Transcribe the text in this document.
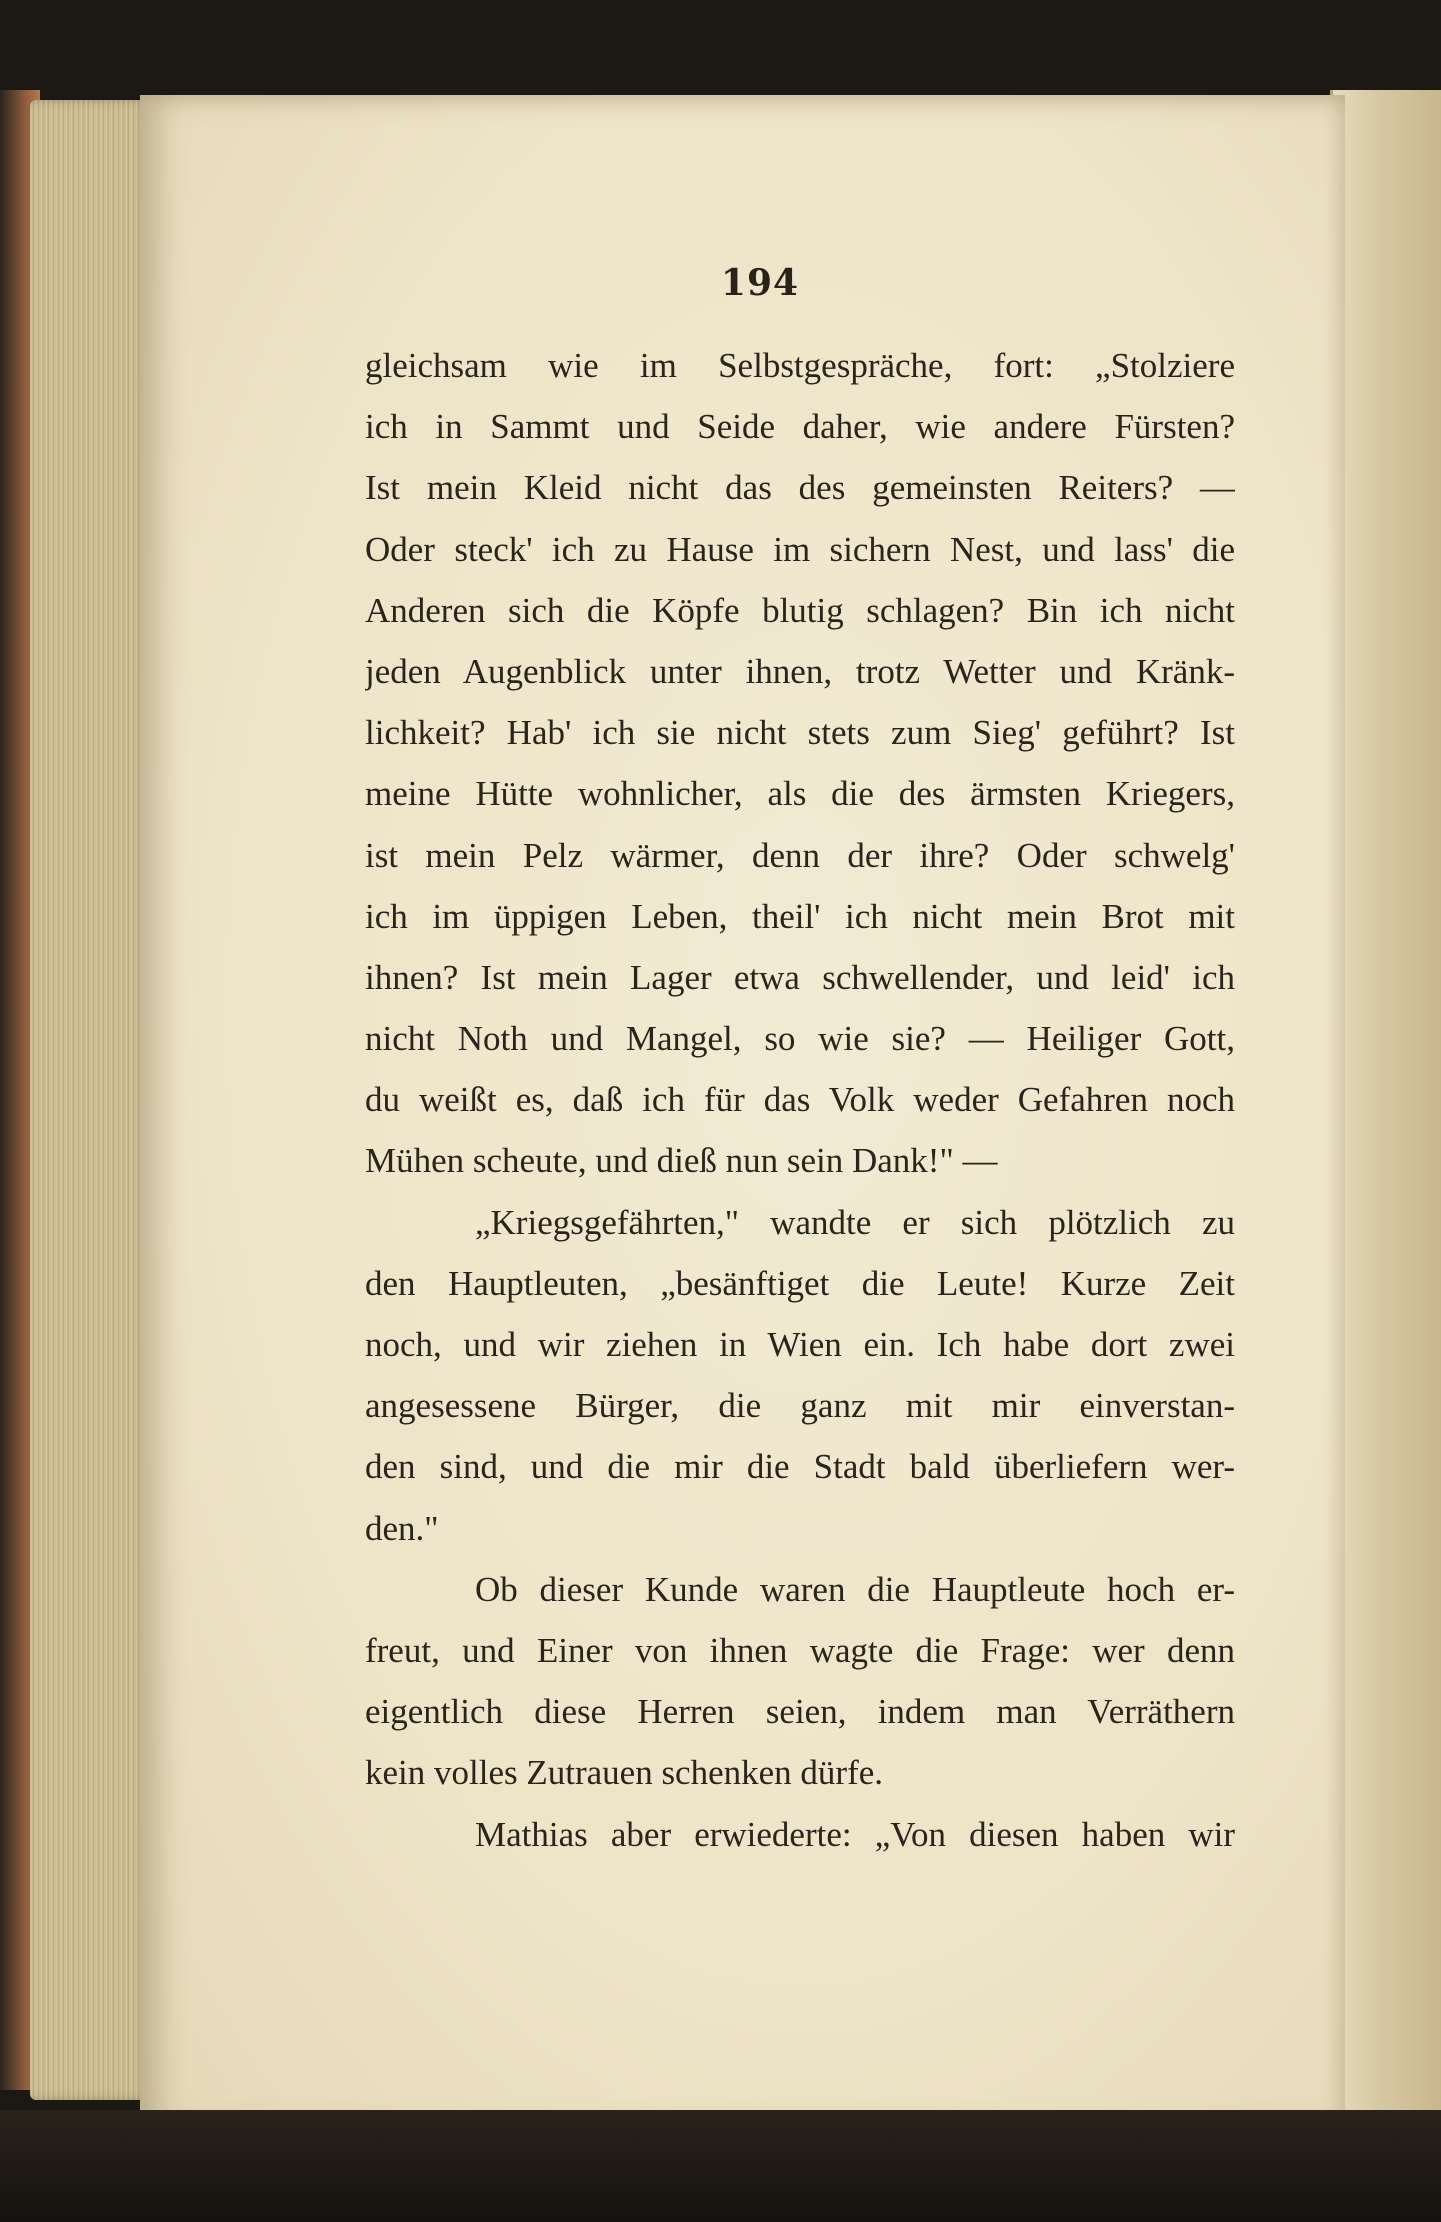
194
gleichsam wie im Selbstgespräche, fort: „Stolziere
ich in Sammt und Seide daher, wie andere Fürsten?
Ist mein Kleid nicht das des gemeinsten Reiters? —
Oder steck' ich zu Hause im sichern Nest, und lass' die
Anderen sich die Köpfe blutig schlagen? Bin ich nicht
jeden Augenblick unter ihnen, trotz Wetter und Kränk-
lichkeit? Hab' ich sie nicht stets zum Sieg' geführt? Ist
meine Hütte wohnlicher, als die des ärmsten Kriegers,
ist mein Pelz wärmer, denn der ihre? Oder schwelg'
ich im üppigen Leben, theil' ich nicht mein Brot mit
ihnen? Ist mein Lager etwa schwellender, und leid' ich
nicht Noth und Mangel, so wie sie? — Heiliger Gott,
du weißt es, daß ich für das Volk weder Gefahren noch
Mühen scheute, und dieß nun sein Dank!" —
„Kriegsgefährten," wandte er sich plötzlich zu
den Hauptleuten, „besänftiget die Leute! Kurze Zeit
noch, und wir ziehen in Wien ein. Ich habe dort zwei
angesessene Bürger, die ganz mit mir einverstan-
den sind, und die mir die Stadt bald überliefern wer-
den."
Ob dieser Kunde waren die Hauptleute hoch er-
freut, und Einer von ihnen wagte die Frage: wer denn
eigentlich diese Herren seien, indem man Verräthern
kein volles Zutrauen schenken dürfe.
Mathias aber erwiederte: „Von diesen haben wir
